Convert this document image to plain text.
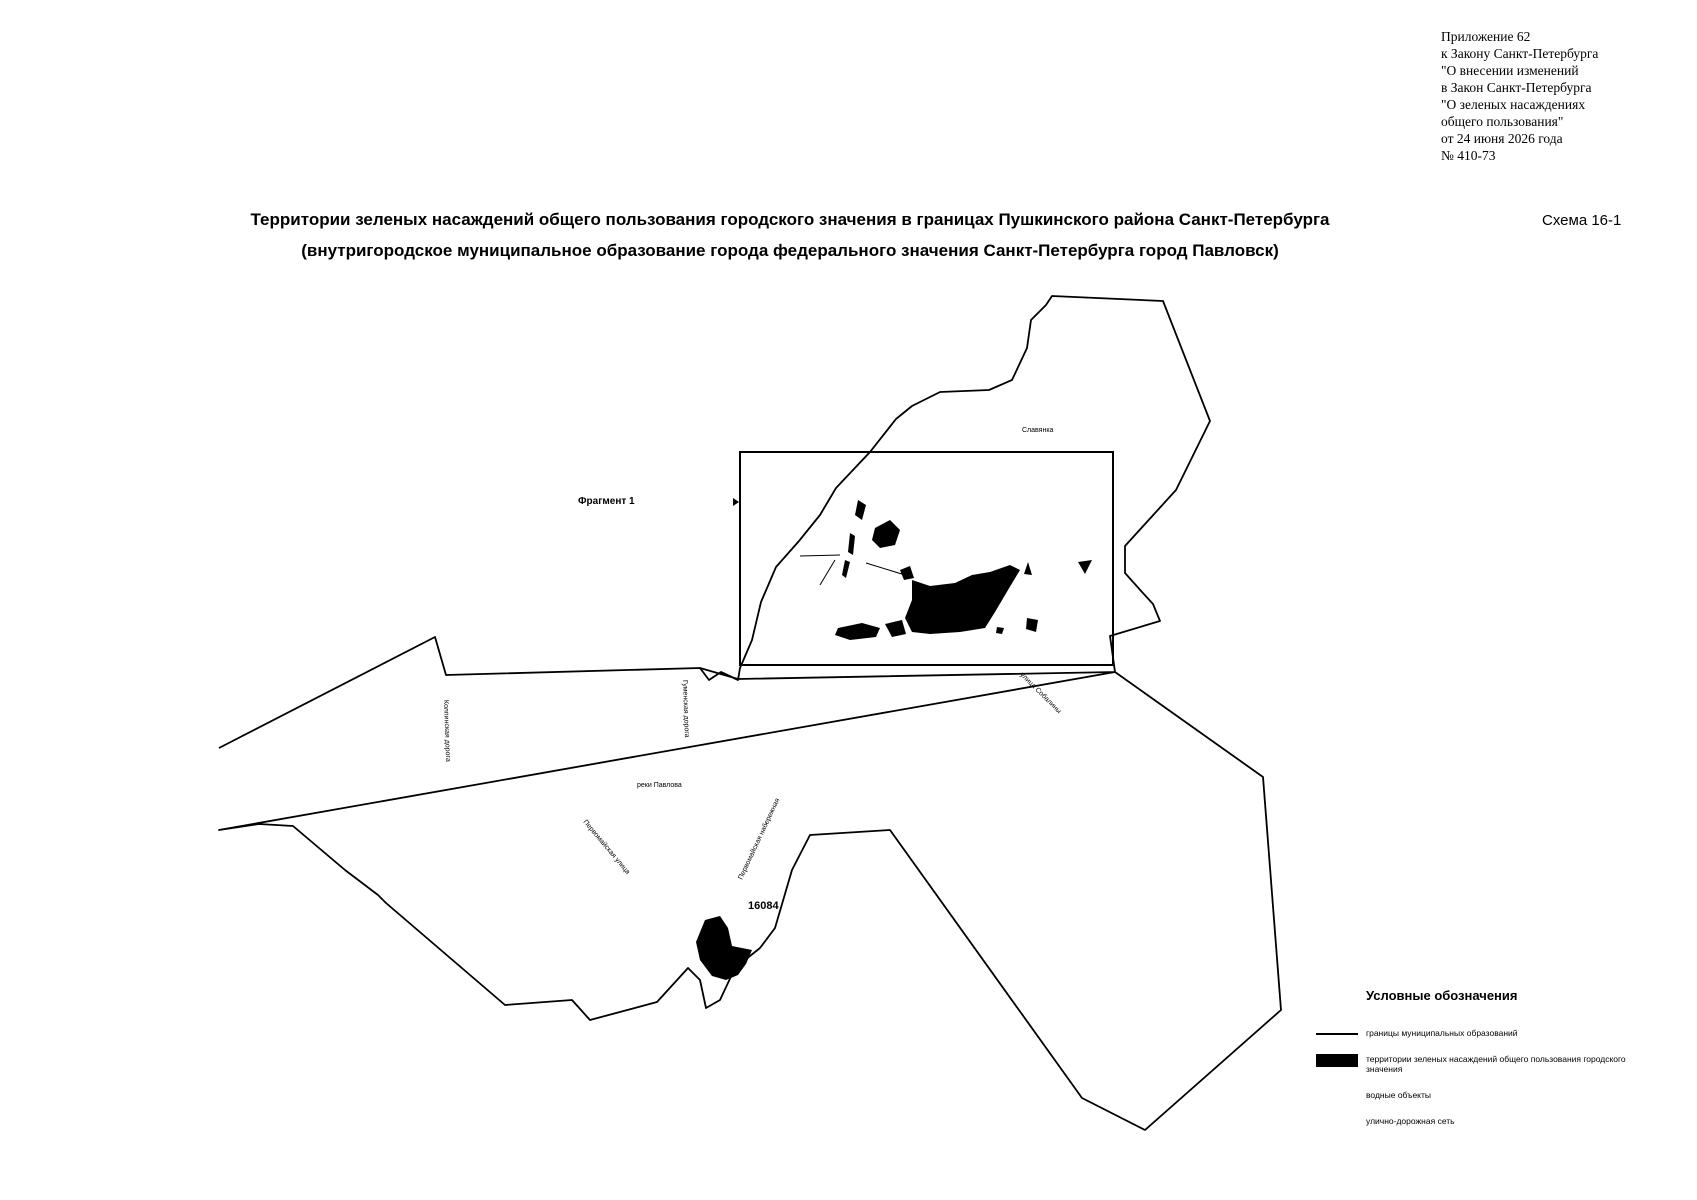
Приложение 62
к Закону Санкт-Петербурга
"О внесении изменений
в Закон Санкт-Петербурга
"О зеленых насаждениях
общего пользования"
от 24 июня 2026 года
№ 410-73
Территории зеленых насаждений общего пользования городского значения в границах Пушкинского района Санкт-Петербурга
(внутригородское муниципальное образование города федерального значения Санкт-Петербурга город Павловск)
Схема 16-1
Фрагмент 1
16084
Славянка
Колпинская дорога	Гуменская дорога	улица Собалины
реки Павлова
Первомайская улица	Первомайская набережная
Условные обозначения
границы муниципальных образований
территории зеленых насаждений общего пользования городского значения
водные объекты
улично-дорожная сеть
